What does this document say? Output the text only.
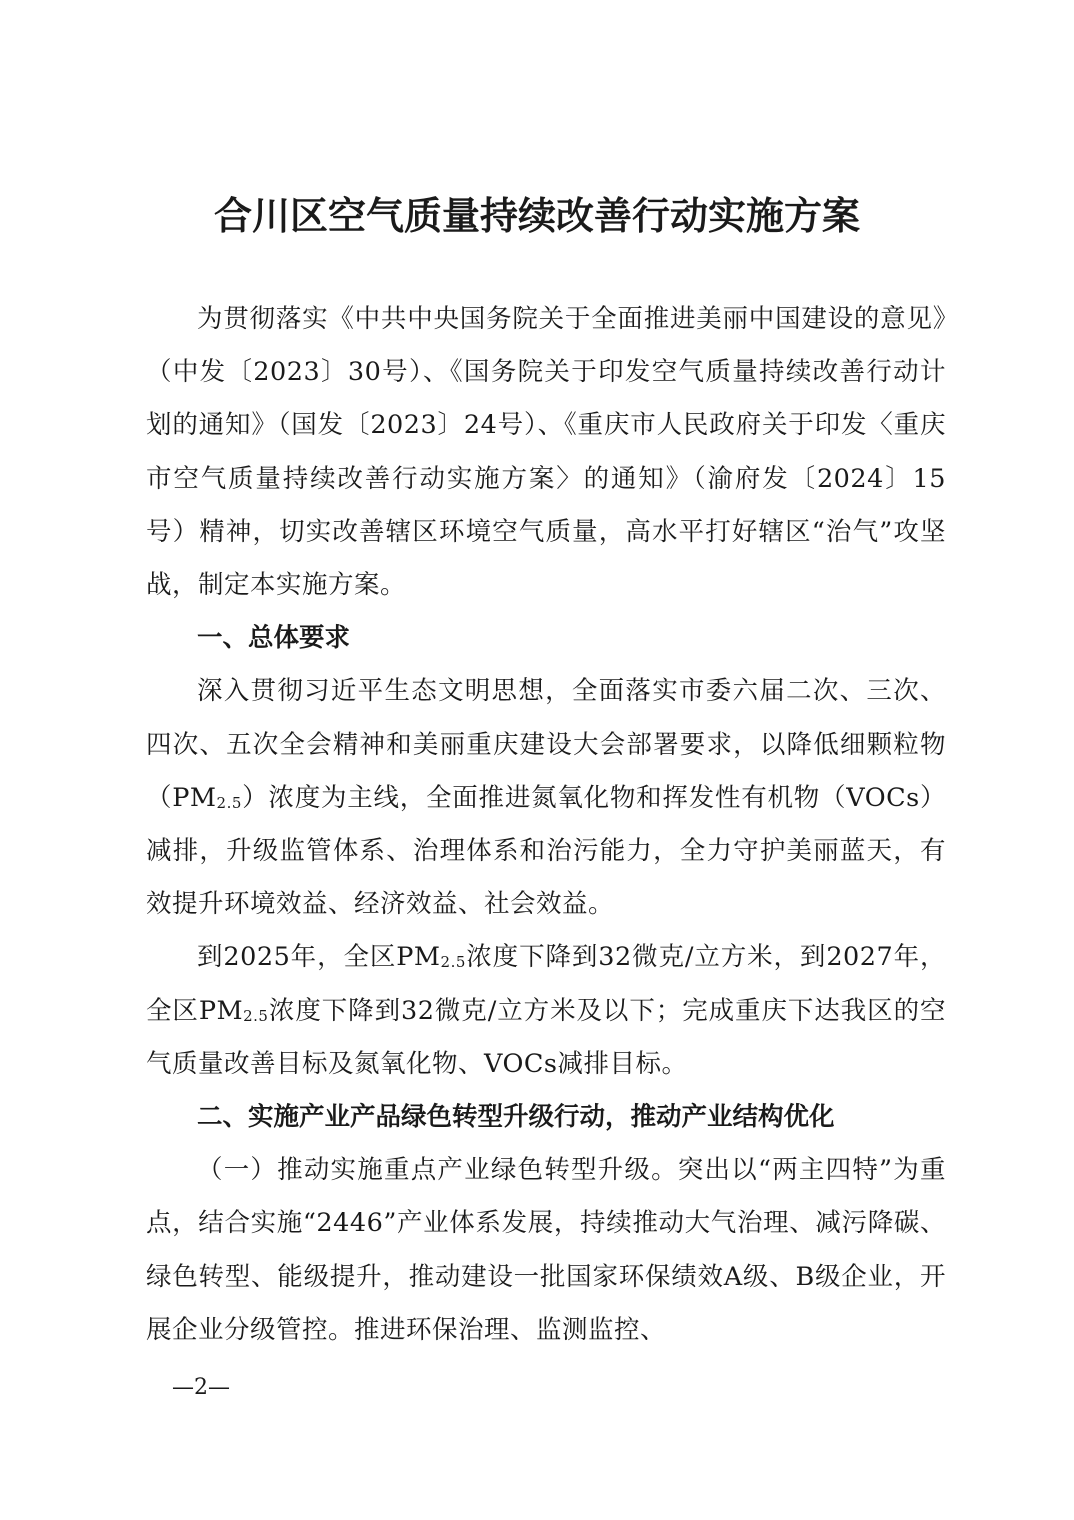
合川区空气质量持续改善行动实施方案

为贯彻落实《中共中央国务院关于全面推进美丽中国建设的意见》（中发〔2023〕30号）、《国务院关于印发空气质量持续改善行动计划的通知》（国发〔2023〕24号）、《重庆市人民政府关于印发〈重庆市空气质量持续改善行动实施方案〉的通知》（渝府发〔2024〕15号）精神，切实改善辖区环境空气质量，高水平打好辖区“治气”攻坚战，制定本实施方案。

一、总体要求

深入贯彻习近平生态文明思想，全面落实市委六届二次、三次、四次、五次全会精神和美丽重庆建设大会部署要求，以降低细颗粒物$(PM_{2.5})$浓度为主线，全面推进氮氧化物和挥发性有机物（VOCs）减排，升级监管体系、治理体系和治污能力，全力守护美丽蓝天，有效提升环境效益、经济效益、社会效益。

到2025年，全区$PM_{2.5}$浓度下降到32微克/立方米，到2027年，全区$PM_{2.5}$浓度下降到32微克/立方米及以下；完成重庆下达我区的空气质量改善目标及氮氧化物、VOCs减排目标。

二、实施产业产品绿色转型升级行动，推动产业结构优化

（一）推动实施重点产业绿色转型升级。突出以“两主四特”为重点，结合实施“2446”产业体系发展，持续推动大气治理、减污降碳、绿色转型、能级提升，推动建设一批国家环保绩效A级、B级企业，开展企业分级管控。推进环保治理、监测监控、

—2—
